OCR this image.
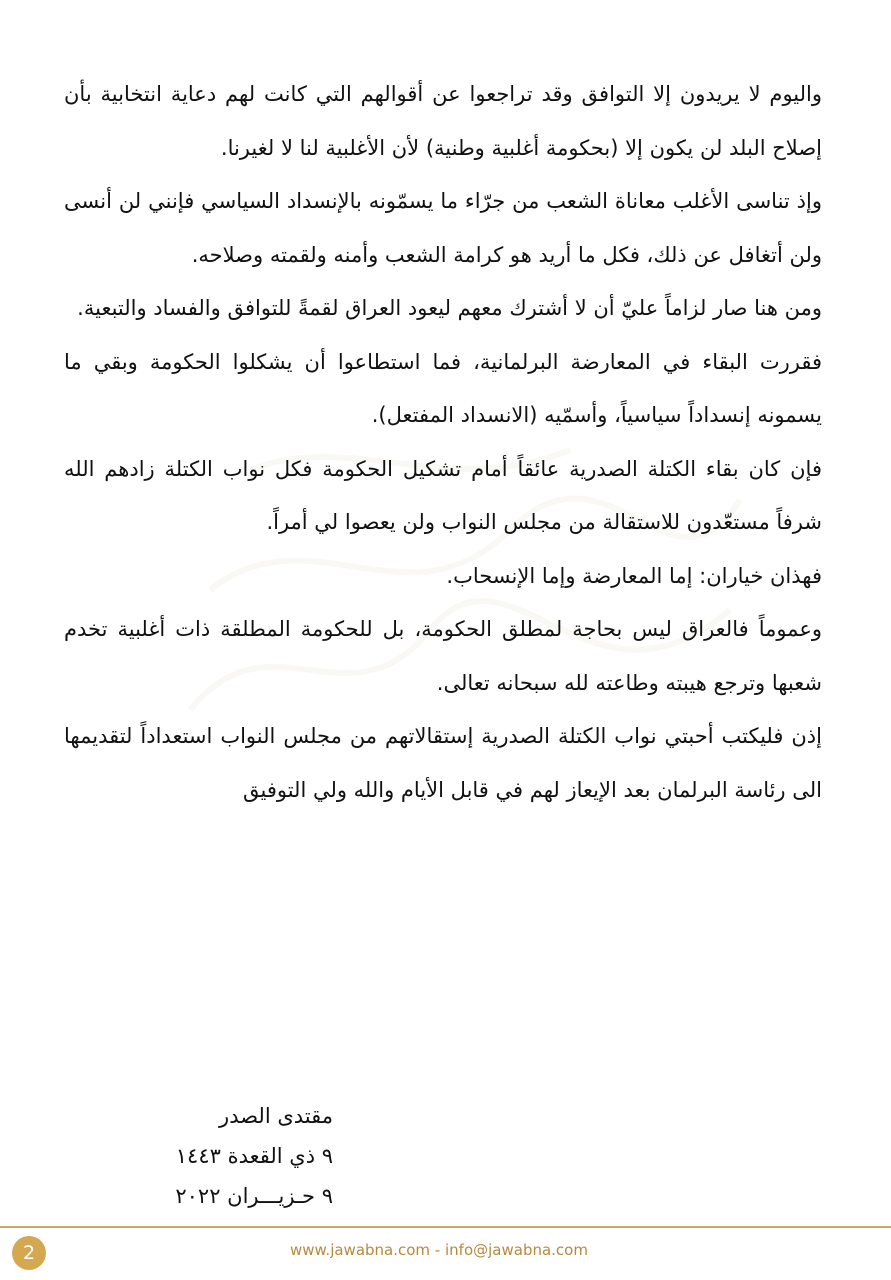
واليوم لا يريدون إلا التوافق وقد تراجعوا عن أقوالهم التي كانت لهم دعاية انتخابية بأن إصلاح البلد لن يكون إلا (بحكومة أغلبية وطنية) لأن الأغلبية لنا لا لغيرنا.

وإذ تناسى الأغلب معاناة الشعب من جرّاء ما يسمّونه بالإنسداد السياسي فإنني لن أنسى ولن أتغافل عن ذلك، فكل ما أريد هو كرامة الشعب وأمنه ولقمته وصلاحه.

ومن هنا صار لزاماً عليّ أن لا أشترك معهم ليعود العراق لقمةً للتوافق والفساد والتبعية.

فقررت البقاء في المعارضة البرلمانية، فما استطاعوا أن يشكلوا الحكومة وبقي ما يسمونه إنسداداً سياسياً، وأسمّيه (الانسداد المفتعل).

فإن كان بقاء الكتلة الصدرية عائقاً أمام تشكيل الحكومة فكل نواب الكتلة زادهم الله شرفاً مستعّدون للاستقالة من مجلس النواب ولن يعصوا لي أمراً.

فهذان خياران: إما المعارضة وإما الإنسحاب.

وعموماً فالعراق ليس بحاجة لمطلق الحكومة، بل للحكومة المطلقة ذات أغلبية تخدم شعبها وترجع هيبته وطاعته لله سبحانه تعالى.

إذن فليكتب أحبتي نواب الكتلة الصدرية إستقالاتهم من مجلس النواب استعداداً لتقديمها الى رئاسة البرلمان بعد الإيعاز لهم في قابل الأيام والله ولي التوفيق

مقتدى الصدر
٩ ذي القعدة ١٤٤٣
٩ حـزيـــران ٢٠٢٢
2	www.jawabna.com - info@jawabna.com
